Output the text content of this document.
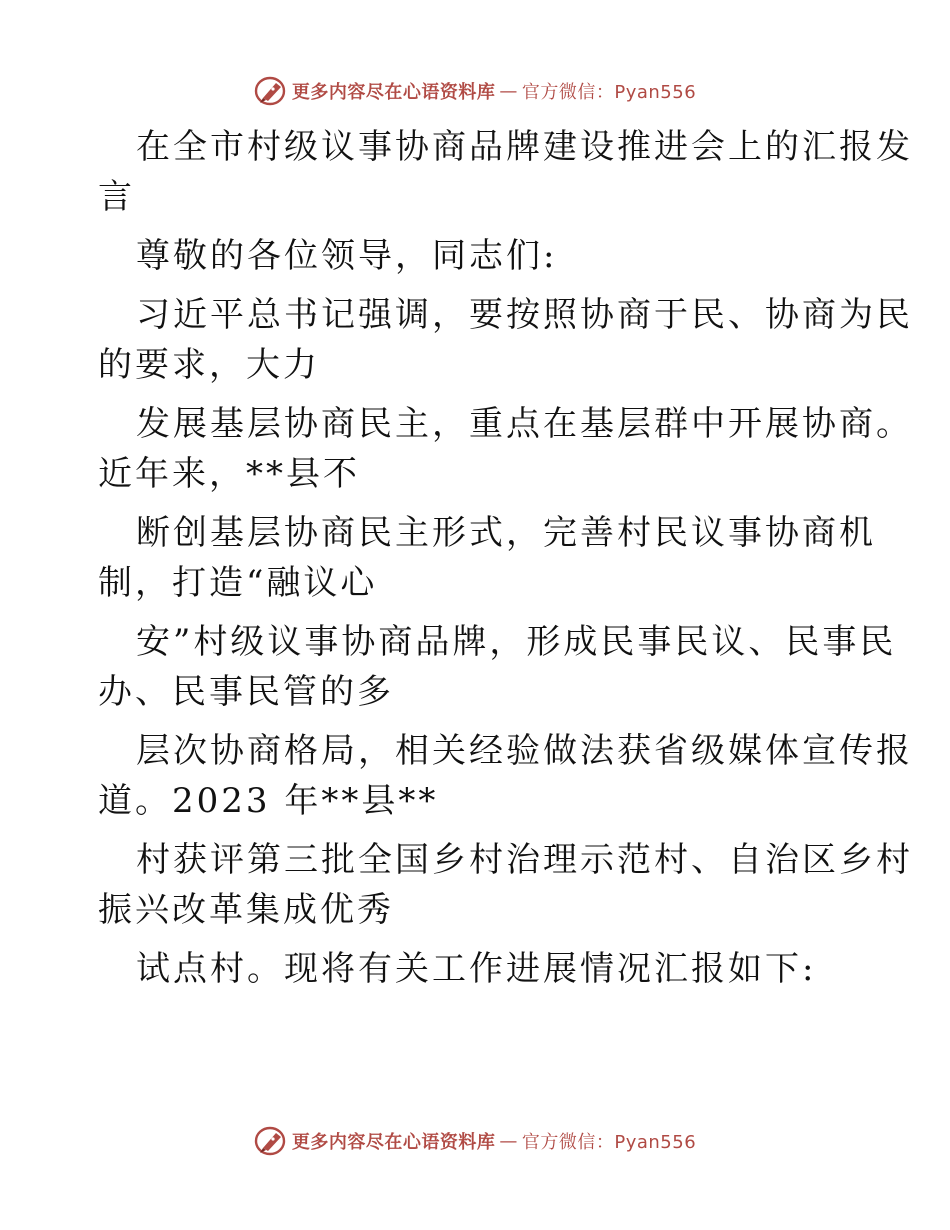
更多内容尽在心语资料库 — 官方微信：Pyan556
在全市村级议事协商品牌建设推进会上的汇报发
言
尊敬的各位领导，同志们:
习近平总书记强调，要按照协商于民、协商为民
的要求，大力
发展基层协商民主，重点在基层群中开展协商。
近年来，**县不
断创基层协商民主形式，完善村民议事协商机
制，打造“融议心
安”村级议事协商品牌，形成民事民议、民事民
办、民事民管的多
层次协商格局，相关经验做法获省级媒体宣传报
道。2023 年**县**
村获评第三批全国乡村治理示范村、自治区乡村
振兴改革集成优秀
试点村。现将有关工作进展情况汇报如下:
更多内容尽在心语资料库 — 官方微信：Pyan556
